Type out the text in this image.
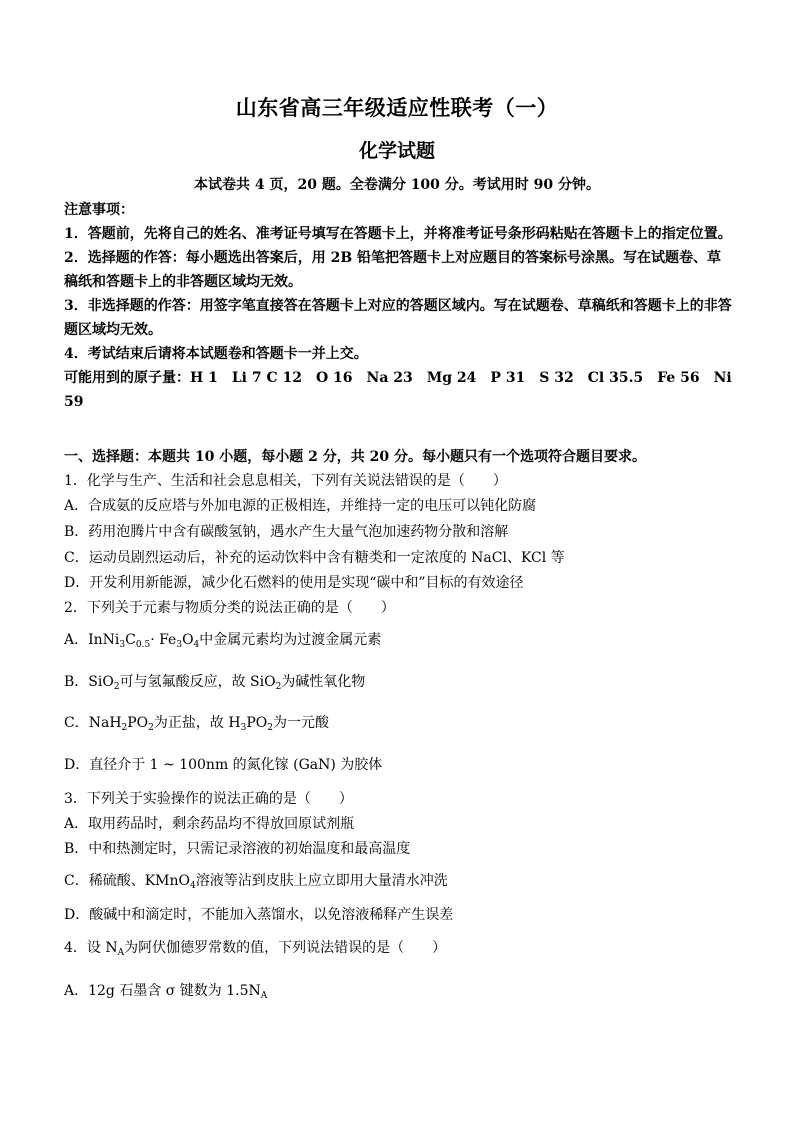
山东省高三年级适应性联考（一）
化学试题
本试卷共 4 页，20 题。全卷满分 100 分。考试用时 90 分钟。
注意事项：
1．答题前，先将自己的姓名、准考证号填写在答题卡上，并将准考证号条形码粘贴在答题卡上的指定位置。
2．选择题的作答：每小题选出答案后，用 2B 铅笔把答题卡上对应题目的答案标号涂黑。写在试题卷、草稿纸和答题卡上的非答题区域均无效。
3．非选择题的作答：用签字笔直接答在答题卡上对应的答题区域内。写在试题卷、草稿纸和答题卡上的非答题区域均无效。
4．考试结束后请将本试题卷和答题卡一并上交。
可能用到的原子量：H 1　Li 7 C 12　O 16　Na 23　Mg 24　P 31　S 32　Cl 35.5　Fe 56　Ni 59
一、选择题：本题共 10 小题，每小题 2 分，共 20 分。每小题只有一个选项符合题目要求。
1．化学与生产、生活和社会息息相关，下列有关说法错误的是（　　）
A．合成氨的反应塔与外加电源的正极相连，并维持一定的电压可以钝化防腐
B．药用泡腾片中含有碳酸氢钠，遇水产生大量气泡加速药物分散和溶解
C．运动员剧烈运动后，补充的运动饮料中含有糖类和一定浓度的 NaCl、KCl 等
D．开发利用新能源，减少化石燃料的使用是实现“碳中和”目标的有效途径
2．下列关于元素与物质分类的说法正确的是（　　）
A．$InNi_3C_{0.5}\cdot Fe_3O_4$中金属元素均为过渡金属元素
B．SiO$_2$可与氢氟酸反应，故 SiO$_2$为碱性氧化物
C．$NaH_2PO_2$为正盐，故 $H_3PO_2$为一元酸
D．直径介于 1 ~ 100nm 的氮化镓 (GaN) 为胶体
3．下列关于实验操作的说法正确的是（　　）
A．取用药品时，剩余药品均不得放回原试剂瓶
B．中和热测定时，只需记录溶液的初始温度和最高温度
C．稀硫酸、KMnO$_4$溶液等沾到皮肤上应立即用大量清水冲洗
D．酸碱中和滴定时，不能加入蒸馏水，以免溶液稀释产生误差
4．设 $N_A$为阿伏伽德罗常数的值，下列说法错误的是（　　）
A．12g 石墨含 σ 键数为 $1.5N_A$
